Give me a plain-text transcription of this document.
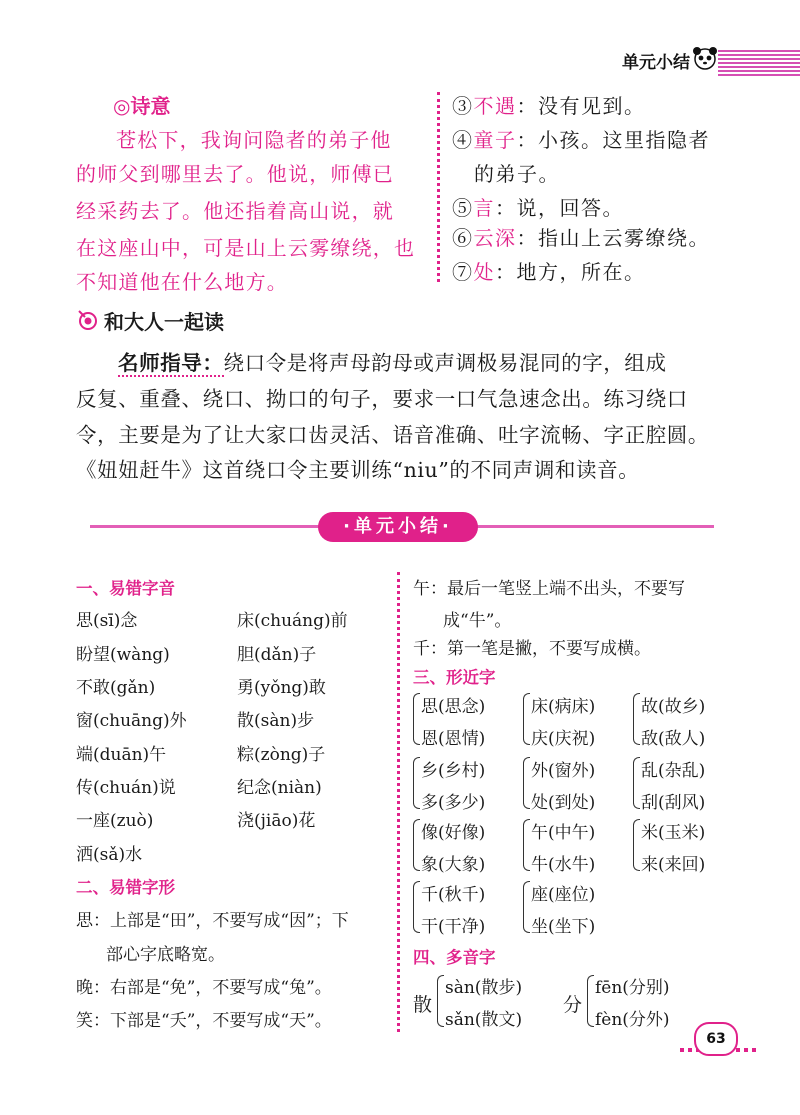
单元小结
◎诗意
苍松下，我询问隐者的弟子他
的师父到哪里去了。他说，师傅已
经采药去了。他还指着高山说，就
在这座山中，可是山上云雾缭绕，也
不知道他在什么地方。
③不遇：没有见到。
④童子：小孩。这里指隐者
的弟子。
⑤言：说，回答。
⑥云深：指山上云雾缭绕。
⑦处：地方，所在。
和大人一起读
名师指导：绕口令是将声母韵母或声调极易混同的字，组成
反复、重叠、绕口、拗口的句子，要求一口气急速念出。练习绕口
令，主要是为了让大家口齿灵活、语音准确、吐字流畅、字正腔圆。
《妞妞赶牛》这首绕口令主要训练“niu”的不同声调和读音。
·单元小结·
一、易错字音
思(sī)念
盼望(wàng)
不敢(gǎn)
窗(chuāng)外
端(duān)午
传(chuán)说
一座(zuò)
洒(sǎ)水
床(chuáng)前
胆(dǎn)子
勇(yǒng)敢
散(sàn)步
粽(zòng)子
纪念(niàn)
浇(jiāo)花
二、易错字形
思：上部是“田”，不要写成“因”；下
部心字底略宽。
晚：右部是“免”，不要写成“兔”。
笑：下部是“夭”，不要写成“天”。
午：最后一笔竖上端不出头，不要写
成“牛”。
千：第一笔是撇，不要写成横。
三、形近字
思(思念)
恩(恩情)
床(病床)
庆(庆祝)
故(故乡)
敌(敌人)
乡(乡村)
多(多少)
外(窗外)
处(到处)
乱(杂乱)
刮(刮风)
像(好像)
象(大象)
午(中午)
牛(水牛)
米(玉米)
来(来回)
千(秋千)
干(干净)
座(座位)
坐(坐下)
四、多音字
散
sàn(散步)
sǎn(散文)
分
fēn(分别)
fèn(分外)
63
